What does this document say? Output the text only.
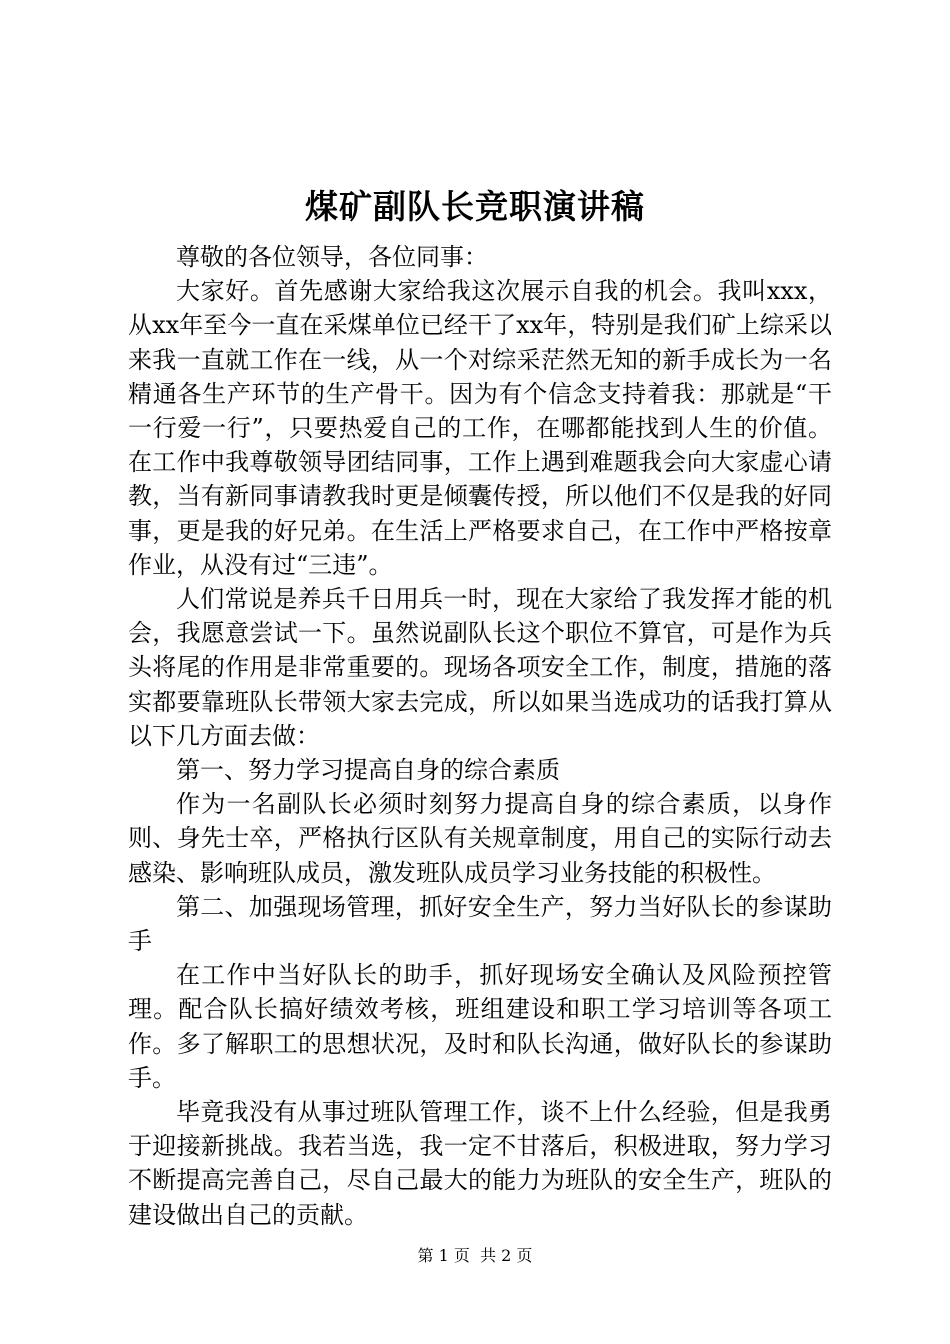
煤矿副队长竞职演讲稿

尊敬的各位领导，各位同事：

大家好。首先感谢大家给我这次展示自我的机会。我叫xxx，从xx年至今一直在采煤单位已经干了xx年，特别是我们矿上综采以来我一直就工作在一线，从一个对综采茫然无知的新手成长为一名精通各生产环节的生产骨干。因为有个信念支持着我：那就是“干一行爱一行”，只要热爱自己的工作，在哪都能找到人生的价值。在工作中我尊敬领导团结同事，工作上遇到难题我会向大家虚心请教，当有新同事请教我时更是倾囊传授，所以他们不仅是我的好同事，更是我的好兄弟。在生活上严格要求自己，在工作中严格按章作业，从没有过“三违”。

人们常说是养兵千日用兵一时，现在大家给了我发挥才能的机会，我愿意尝试一下。虽然说副队长这个职位不算官，可是作为兵头将尾的作用是非常重要的。现场各项安全工作，制度，措施的落实都要靠班队长带领大家去完成，所以如果当选成功的话我打算从以下几方面去做：

第一、努力学习提高自身的综合素质

作为一名副队长必须时刻努力提高自身的综合素质，以身作则、身先士卒，严格执行区队有关规章制度，用自己的实际行动去感染、影响班队成员，激发班队成员学习业务技能的积极性。

第二、加强现场管理，抓好安全生产，努力当好队长的参谋助手

在工作中当好队长的助手，抓好现场安全确认及风险预控管理。配合队长搞好绩效考核，班组建设和职工学习培训等各项工作。多了解职工的思想状况，及时和队长沟通，做好队长的参谋助手。

毕竟我没有从事过班队管理工作，谈不上什么经验，但是我勇于迎接新挑战。我若当选，我一定不甘落后，积极进取，努力学习不断提高完善自己，尽自己最大的能力为班队的安全生产，班队的建设做出自己的贡献。

第 1 页 共 2 页
